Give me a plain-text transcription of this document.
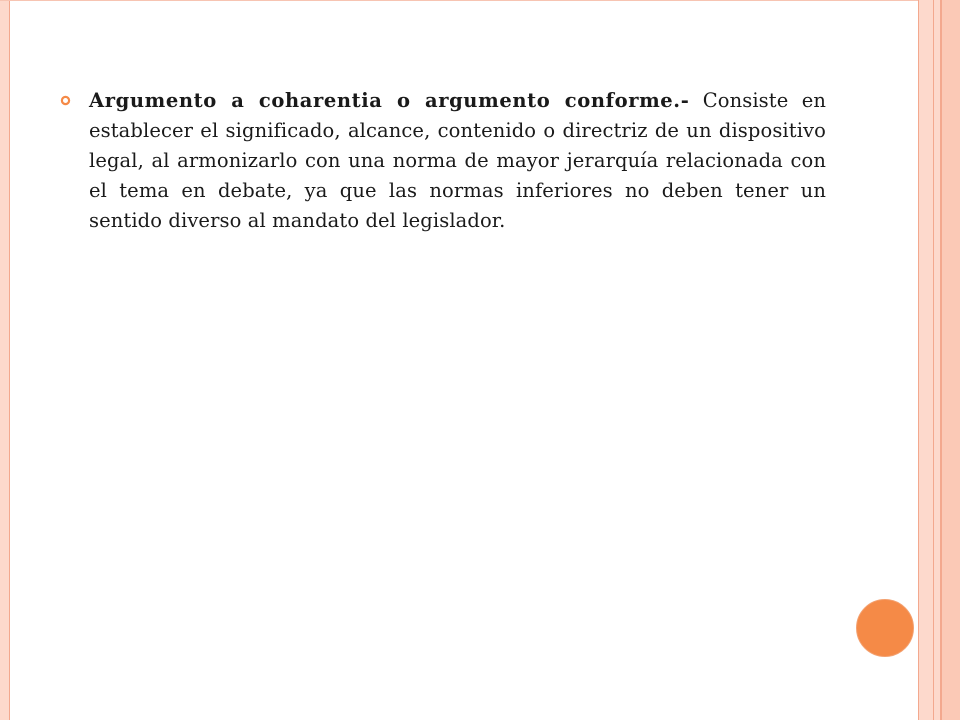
Argumento a coharentia o argumento conforme.- Consiste en establecer el significado, alcance, contenido o directriz de un dispositivo legal, al armonizarlo con una norma de mayor jerarquía relacionada con el tema en debate, ya que las normas inferiores no deben tener un sentido diverso al mandato del legislador.
